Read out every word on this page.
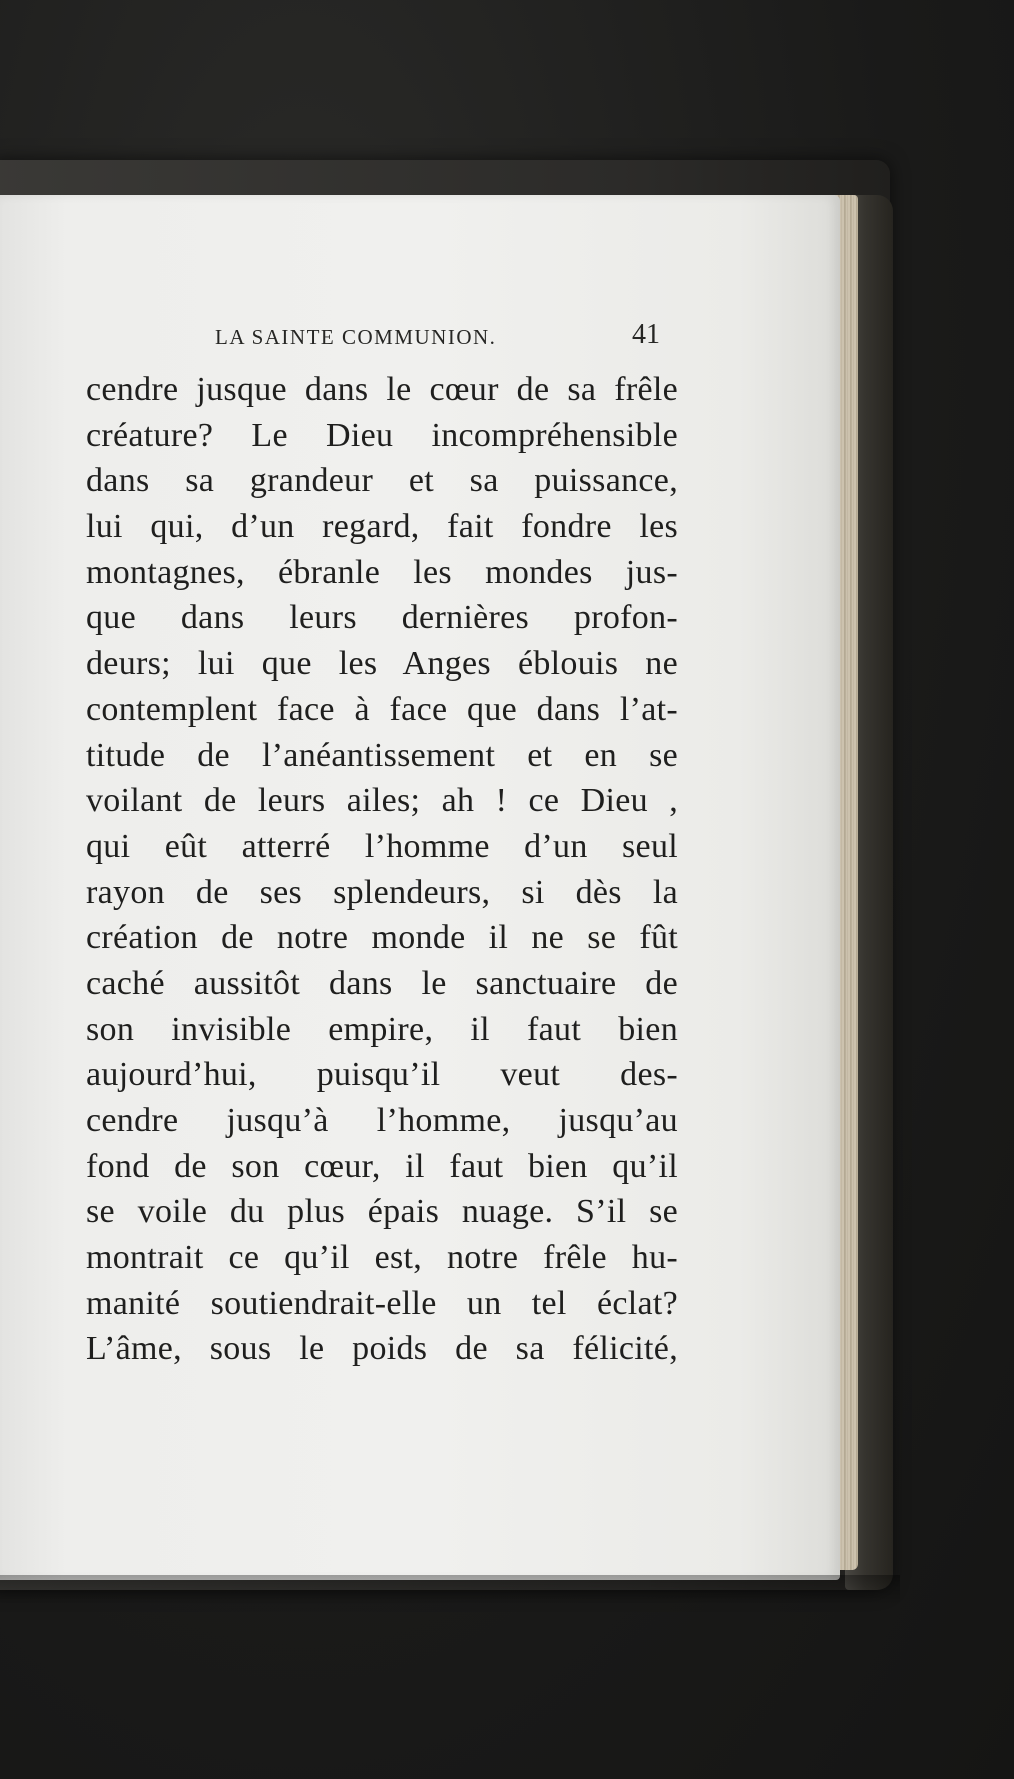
LA SAINTE COMMUNION.	41
cendre jusque dans le cœur de sa frêle
créature? Le Dieu incompréhensible
dans sa grandeur et sa puissance,
lui qui, d’un regard, fait fondre les
montagnes, ébranle les mondes jus-
que dans leurs dernières profon-
deurs; lui que les Anges éblouis ne
contemplent face à face que dans l’at-
titude de l’anéantissement et en se
voilant de leurs ailes; ah ! ce Dieu ,
qui eût atterré l’homme d’un seul
rayon de ses splendeurs, si dès la
création de notre monde il ne se fût
caché aussitôt dans le sanctuaire de
son invisible empire, il faut bien
aujourd’hui, puisqu’il veut des-
cendre jusqu’à l’homme, jusqu’au
fond de son cœur, il faut bien qu’il
se voile du plus épais nuage. S’il se
montrait ce qu’il est, notre frêle hu-
manité soutiendrait-elle un tel éclat?
L’âme, sous le poids de sa félicité,
